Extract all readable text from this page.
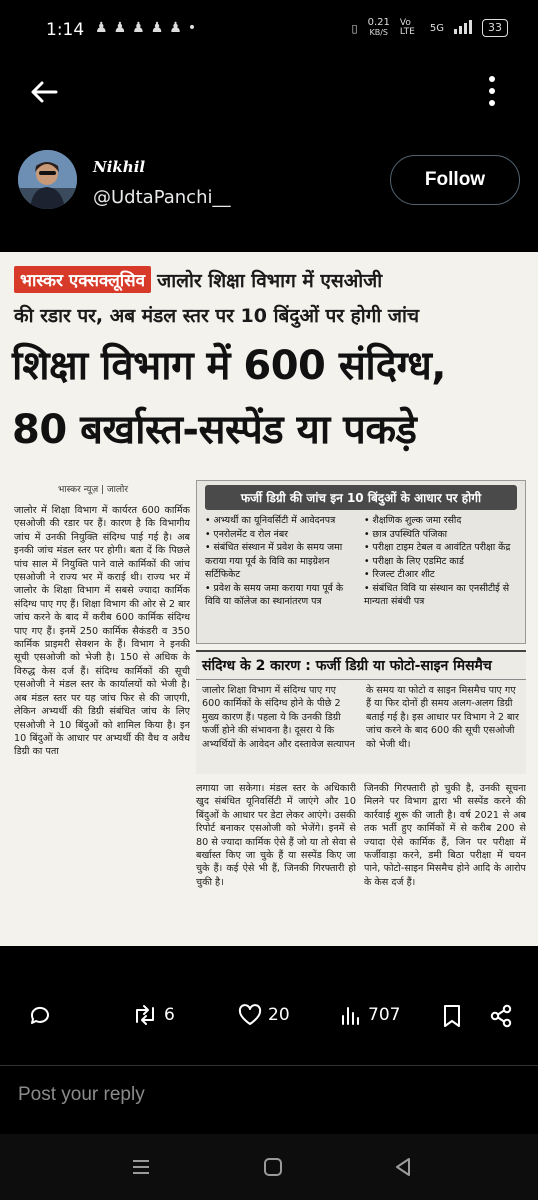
1:14 ♟ ♟ ♟ ♟ ♟ •	▯ 0.21
KB/S
Vo LTE	5G	33
Nikhil
@UdtaPanchi__
Follow
भास्कर एक्सक्लूसिव जालोर शिक्षा विभाग में एसओजी
की रडार पर, अब मंडल स्तर पर 10 बिंदुओं पर होगी जांच
शिक्षा विभाग में 600 संदिग्ध,
80 बर्खास्त-सस्पेंड या पकड़े
भास्कर न्यूज़ | जालोर

जालोर में शिक्षा विभाग में कार्यरत 600 कार्मिक एसओजी की रडार पर हैं। कारण है कि विभागीय जांच में उनकी नियुक्ति संदिग्ध पाई गई है। अब इनकी जांच मंडल स्तर पर होगी। बता दें कि पिछले पांच साल में नियुक्ति पाने वाले कार्मिकों की जांच एसओजी ने राज्य भर में कराई थी। राज्य भर में जालोर के शिक्षा विभाग में सबसे ज्यादा कार्मिक संदिग्ध पाए गए हैं। शिक्षा विभाग की ओर से 2 बार जांच करने के बाद में करीब 600 कार्मिक संदिग्ध पाए गए हैं। इनमें 250 कार्मिक सैकंडरी व 350 कार्मिक प्राइमरी सेक्शन के हैं। विभाग ने इनकी सूची एसओजी को भेजी है। 150 से अधिक के विरुद्ध केस दर्ज हैं। संदिग्ध कार्मिकों की सूची एसओजी ने मंडल स्तर के कार्यालयों को भेजी है। अब मंडल स्तर पर यह जांच फिर से की जाएगी, लेकिन अभ्यर्थी की डिग्री संबंधित जांच के लिए एसओजी ने 10 बिंदुओं को शामिल किया है। इन 10 बिंदुओं के आधार पर अभ्यर्थी की वैध व अवैध डिग्री का पता

फर्जी डिग्री की जांच इन 10 बिंदुओं के आधार पर होगी
• अभ्यर्थी का यूनिवर्सिटी में आवेदनपत्र
• एनरोलमेंट व रोल नंबर
• संबंधित संस्थान में प्रवेश के समय जमा कराया गया पूर्व के विवि का माइग्रेशन सर्टिफिकेट
• प्रवेश के समय जमा कराया गया पूर्व के विवि या कॉलेज का स्थानांतरण पत्र
• शैक्षणिक शुल्क जमा रसीद
• छात्र उपस्थिति पंजिका
• परीक्षा टाइम टेबल व आवंटित परीक्षा केंद्र
• परीक्षा के लिए एडमिट कार्ड
• रिजल्ट टीआर शीट
• संबंधित विवि या संस्थान का एनसीटीई से मान्यता संबंधी पत्र
संदिग्ध के 2 कारण : फर्जी डिग्री या फोटो-साइन मिसमैच
जालोर शिक्षा विभाग में संदिग्ध पाए गए 600 कार्मिकों के संदिग्ध होने के पीछे 2 मुख्य कारण हैं। पहला ये कि उनकी डिग्री फर्जी होने की संभावना है। दूसरा ये कि अभ्यर्थियों के आवेदन और दस्तावेज सत्यापन
के समय या फोटो व साइन मिसमैच पाए गए हैं या फिर दोनों ही समय अलग-अलग डिग्री बताई गई है। इस आधार पर विभाग ने 2 बार जांच करने के बाद 600 की सूची एसओजी को भेजी थी।

लगाया जा सकेगा। मंडल स्तर के अधिकारी खुद संबंधित यूनिवर्सिटी में जाएंगे और 10 बिंदुओं के आधार पर डेटा लेकर आएंगे। उसकी रिपोर्ट बनाकर एसओजी को भेजेंगे। इनमें से 80 से ज्यादा कार्मिक ऐसे हैं जो या तो सेवा से बर्खास्त किए जा चुके हैं या सस्पेंड किए जा चुके हैं। कई ऐसे भी हैं, जिनकी गिरफ्तारी हो चुकी है।

जिनकी गिरफ्तारी हो चुकी है, उनकी सूचना मिलने पर विभाग द्वारा भी सस्पेंड करने की कार्रवाई शुरू की जाती है। वर्ष 2021 से अब तक भर्ती हुए कार्मिकों में से करीब 200 से ज्यादा ऐसे कार्मिक हैं, जिन पर परीक्षा में फर्जीवाड़ा करने, डमी बिठा परीक्षा में चयन पाने, फोटो-साइन मिसमैच होने आदि के आरोप के केस दर्ज हैं।

6	20	707
Post your reply
